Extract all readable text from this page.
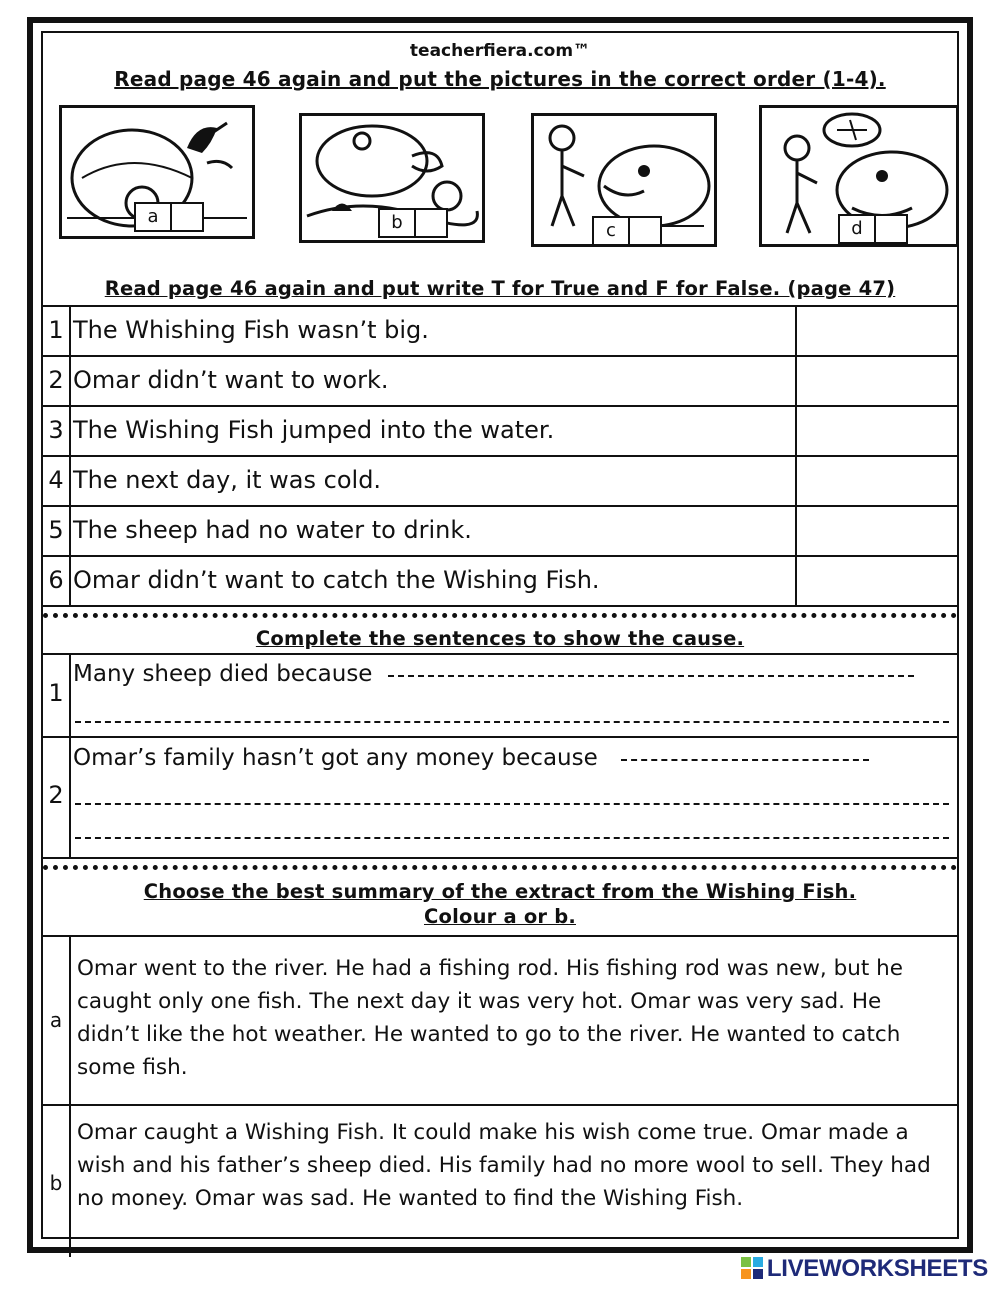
teacherfiera.com™
Read page 46 again and put the pictures in the correct order (1-4).
a	b	c	d
Read page 46 again and put write T for True and F for False. (page 47)
1 The Whishing Fish wasn’t big.
2 Omar didn’t want to work.
3 The Wishing Fish jumped into the water.
4 The next day, it was cold.
5 The sheep had no water to drink.
6 Omar didn’t want to catch the Wishing Fish.
Complete the sentences to show the cause.
1
Many sheep died because
2
Omar’s family hasn’t got any money because
Choose the best summary of the extract from the Wishing Fish.
Colour a or b.
a
Omar went to the river. He had a fishing rod. His fishing rod was new, but he caught only one fish. The next day it was very hot. Omar was very sad. He didn’t like the hot weather. He wanted to go to the river. He wanted to catch some fish.
b
Omar caught a Wishing Fish. It could make his wish come true. Omar made a wish and his father’s sheep died. His family had no more wool to sell. They had no money. Omar was sad. He wanted to find the Wishing Fish.
LIVEWORKSHEETS
